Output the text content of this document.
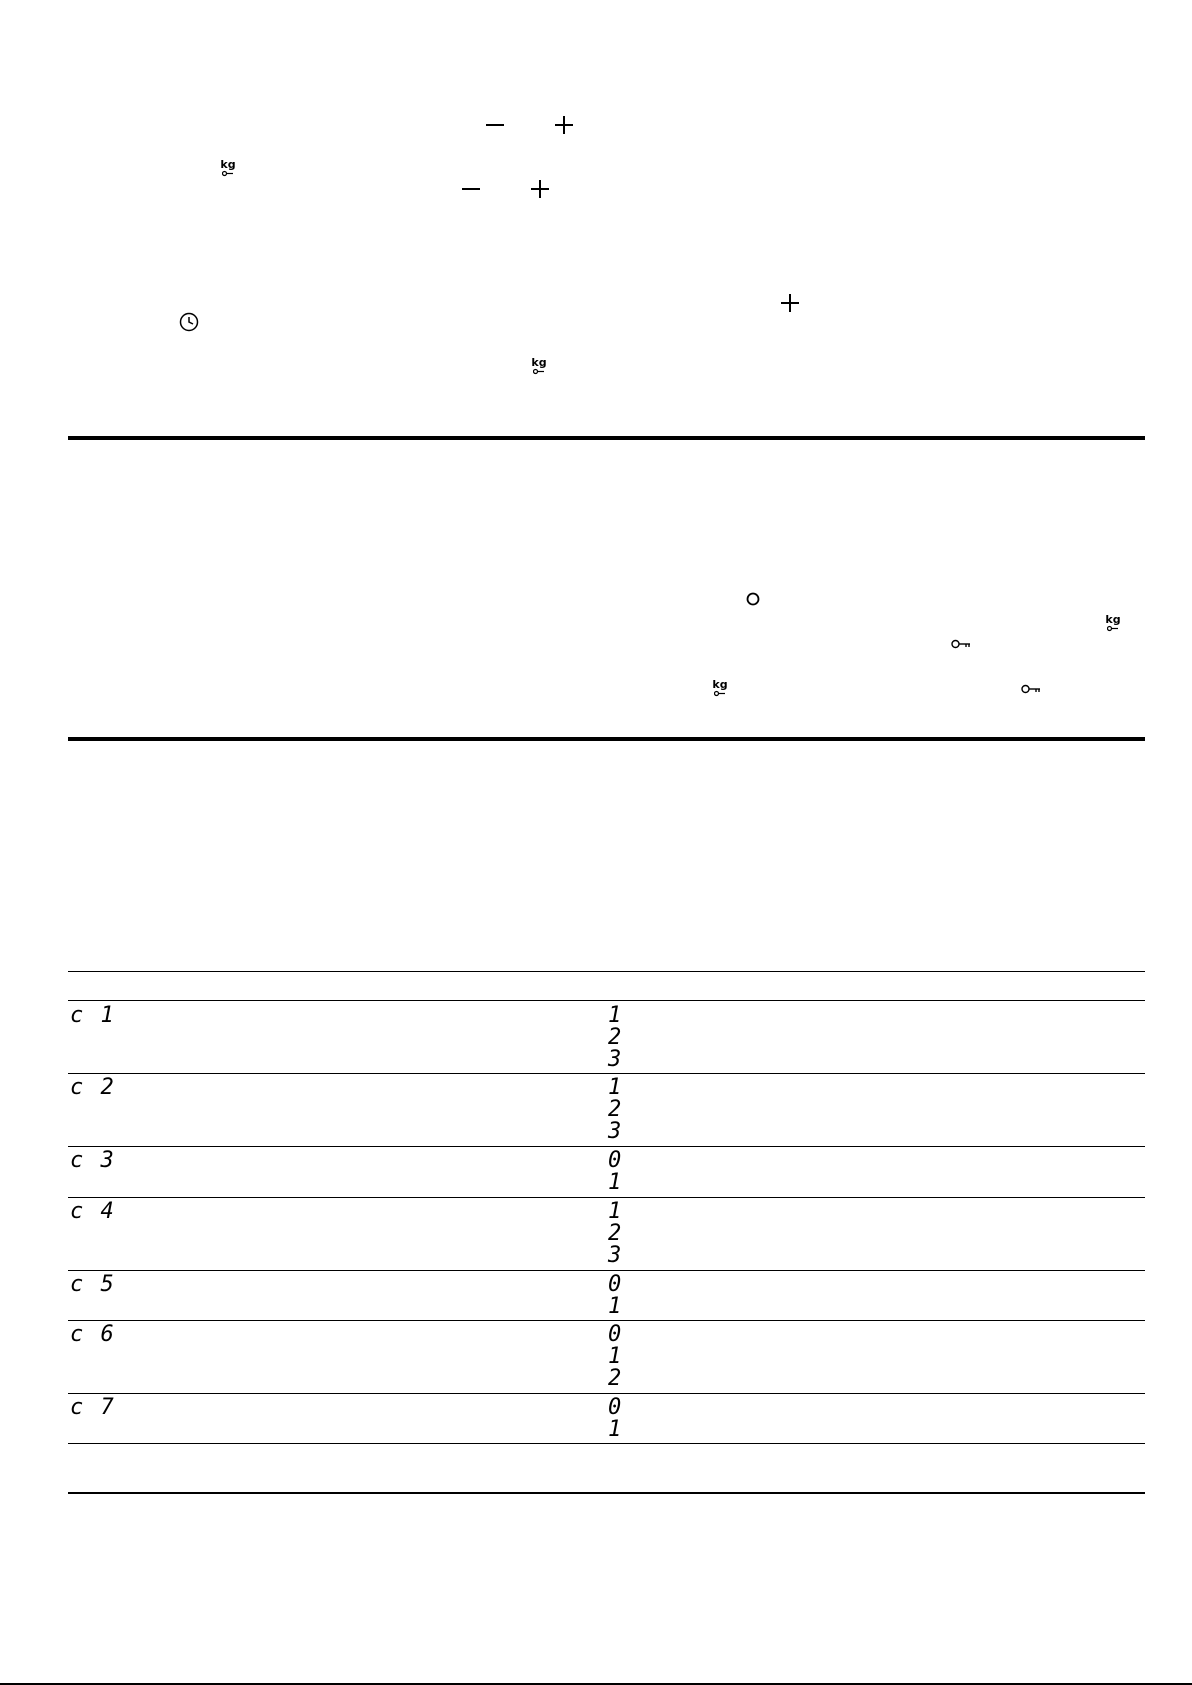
kg
kg
kg
kg
c 1	1
2
3
c 2	1
2
3
c 3	0
1
c 4	1
2
3
c 5	0
1
c 6	0
1
2
c 7	0
1
